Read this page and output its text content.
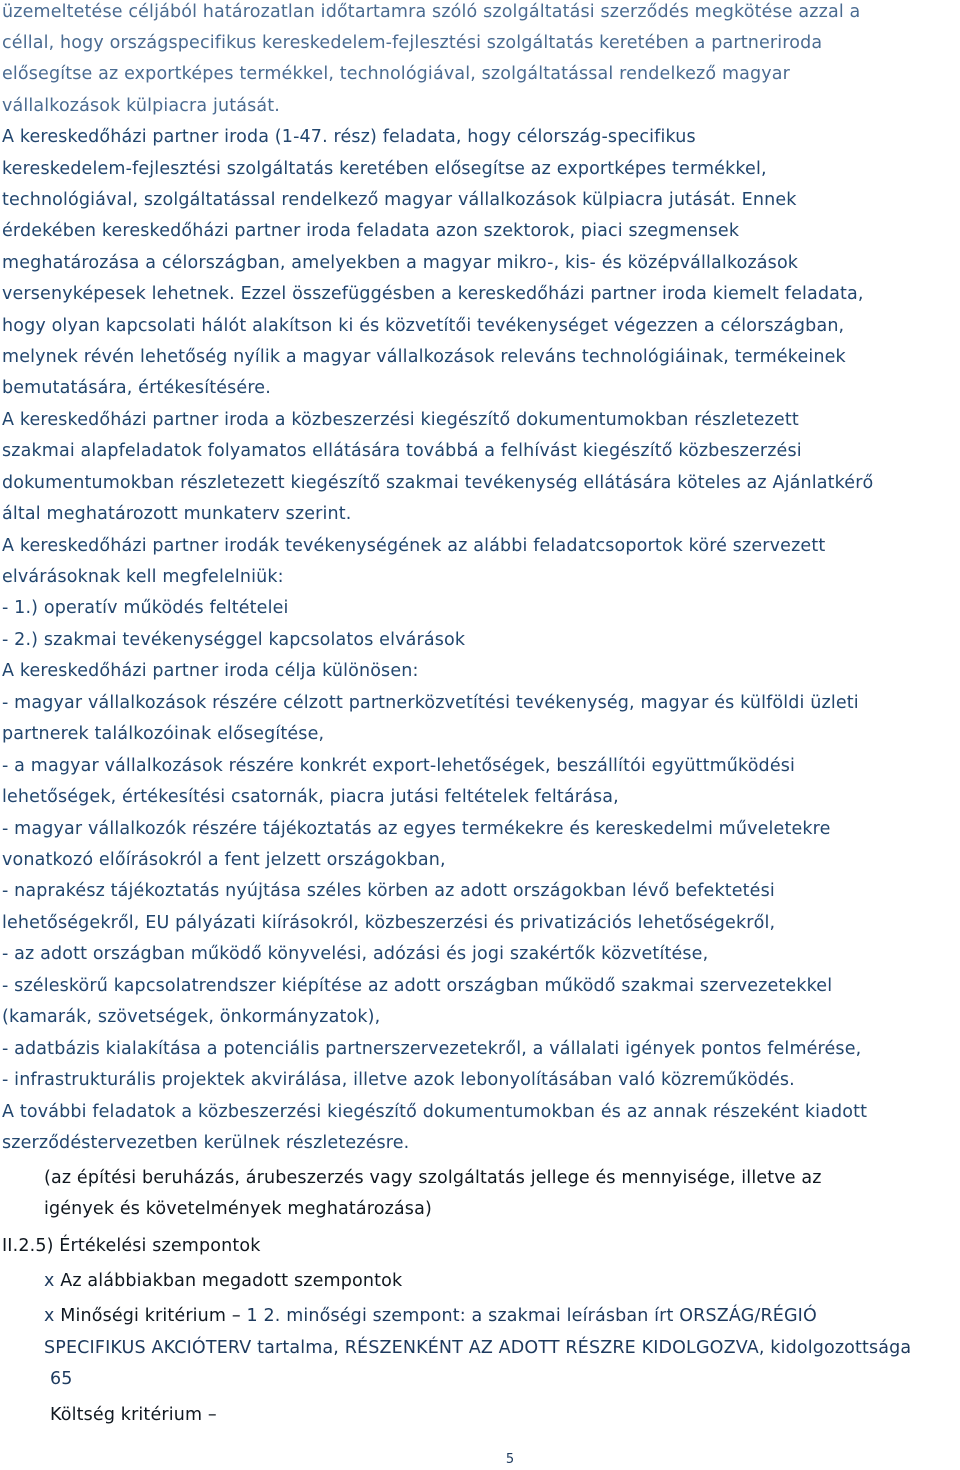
üzemeltetése céljából határozatlan időtartamra szóló szolgáltatási szerződés megkötése azzal a
céllal, hogy országspecifikus kereskedelem-fejlesztési szolgáltatás keretében a partneriroda
elősegítse az exportképes termékkel, technológiával, szolgáltatással rendelkező magyar
vállalkozások külpiacra jutását.
A kereskedőházi partner iroda (1-47. rész) feladata, hogy célország-specifikus
kereskedelem-fejlesztési szolgáltatás keretében elősegítse az exportképes termékkel,
technológiával, szolgáltatással rendelkező magyar vállalkozások külpiacra jutását. Ennek
érdekében kereskedőházi partner iroda feladata azon szektorok, piaci szegmensek
meghatározása a célországban, amelyekben a magyar mikro-, kis- és középvállalkozások
versenyképesek lehetnek. Ezzel összefüggésben a kereskedőházi partner iroda kiemelt feladata,
hogy olyan kapcsolati hálót alakítson ki és közvetítői tevékenységet végezzen a célországban,
melynek révén lehetőség nyílik a magyar vállalkozások releváns technológiáinak, termékeinek
bemutatására, értékesítésére.
A kereskedőházi partner iroda a közbeszerzési kiegészítő dokumentumokban részletezett
szakmai alapfeladatok folyamatos ellátására továbbá a felhívást kiegészítő közbeszerzési
dokumentumokban részletezett kiegészítő szakmai tevékenység ellátására köteles az Ajánlatkérő
által meghatározott munkaterv szerint.
A kereskedőházi partner irodák tevékenységének az alábbi feladatcsoportok köré szervezett
elvárásoknak kell megfelelniük:
- 1.) operatív működés feltételei
- 2.) szakmai tevékenységgel kapcsolatos elvárások
A kereskedőházi partner iroda célja különösen:
- magyar vállalkozások részére célzott partnerközvetítési tevékenység, magyar és külföldi üzleti
partnerek találkozóinak elősegítése,
- a magyar vállalkozások részére konkrét export-lehetőségek, beszállítói együttműködési
lehetőségek, értékesítési csatornák, piacra jutási feltételek feltárása,
- magyar vállalkozók részére tájékoztatás az egyes termékekre és kereskedelmi műveletekre
vonatkozó előírásokról a fent jelzett országokban,
- naprakész tájékoztatás nyújtása széles körben az adott országokban lévő befektetési
lehetőségekről, EU pályázati kiírásokról, közbeszerzési és privatizációs lehetőségekről,
- az adott országban működő könyvelési, adózási és jogi szakértők közvetítése,
- széleskörű kapcsolatrendszer kiépítése az adott országban működő szakmai szervezetekkel
(kamarák, szövetségek, önkormányzatok),
- adatbázis kialakítása a potenciális partnerszervezetekről, a vállalati igények pontos felmérése,
- infrastrukturális projektek akvirálása, illetve azok lebonyolításában való közreműködés.
A további feladatok a közbeszerzési kiegészítő dokumentumokban és az annak részeként kiadott
szerződéstervezetben kerülnek részletezésre.
(az építési beruházás, árubeszerzés vagy szolgáltatás jellege és mennyisége, illetve az
igények és követelmények meghatározása)
II.2.5) Értékelési szempontok
x Az alábbiakban megadott szempontok
x Minőségi kritérium – 1 2. minőségi szempont: a szakmai leírásban írt ORSZÁG/RÉGIÓ
SPECIFIKUS AKCIÓTERV tartalma, RÉSZENKÉNT AZ ADOTT RÉSZRE KIDOLGOZVA, kidolgozottsága
65
Költség kritérium –
5
